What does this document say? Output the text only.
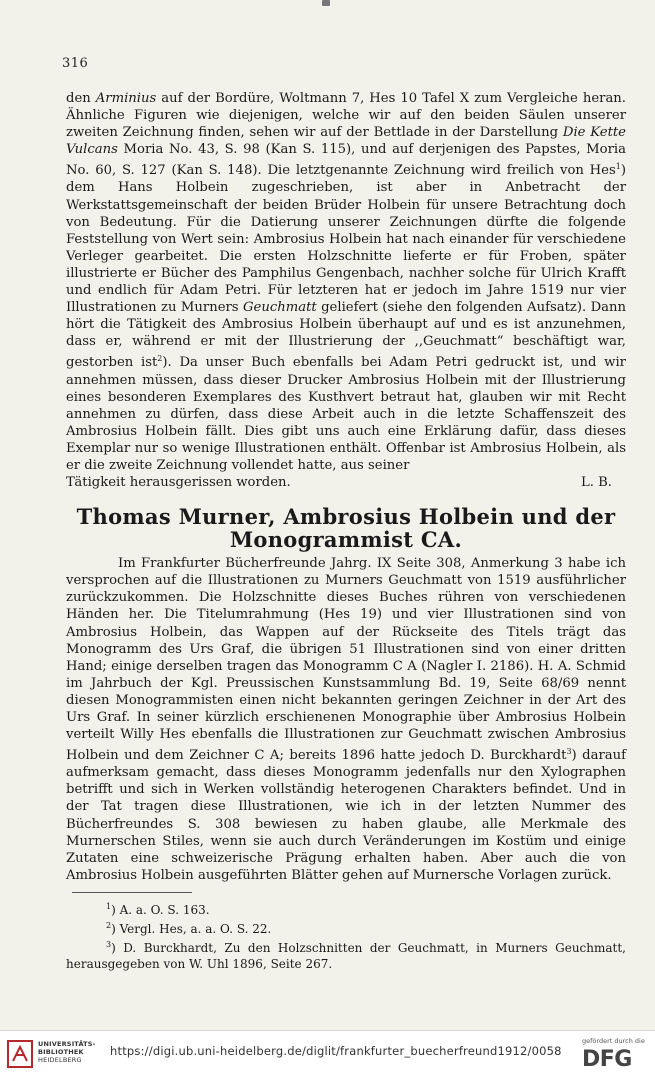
316

den Arminius auf der Bordüre, Woltmann 7, Hes 10 Tafel X zum Vergleiche heran. Ähnliche Figuren wie diejenigen, welche wir auf den beiden Säulen unserer zweiten Zeichnung finden, sehen wir auf der Bettlade in der Darstellung Die Kette Vulcans Moria No. 43, S. 98 (Kan S. 115), und auf derjenigen des Papstes, Moria No. 60, S. 127 (Kan S. 148). Die letztgenannte Zeichnung wird freilich von Hes$^1$) dem Hans Holbein zugeschrieben, ist aber in Anbetracht der Werkstattsgemeinschaft der beiden Brüder Holbein für unsere Betrachtung doch von Bedeutung. Für die Datierung unserer Zeichnungen dürfte die folgende Feststellung von Wert sein: Ambrosius Holbein hat nach einander für verschiedene Verleger gearbeitet. Die ersten Holzschnitte lieferte er für Froben, später illustrierte er Bücher des Pamphilus Gengenbach, nachher solche für Ulrich Krafft und endlich für Adam Petri. Für letzteren hat er jedoch im Jahre 1519 nur vier Illustrationen zu Murners Geuchmatt geliefert (siehe den folgenden Aufsatz). Dann hört die Tätigkeit des Ambrosius Holbein überhaupt auf und es ist anzunehmen, dass er, während er mit der Illustrierung der ,,Geuchmatt“ beschäftigt war, gestorben ist$^2$). Da unser Buch ebenfalls bei Adam Petri gedruckt ist, und wir annehmen müssen, dass dieser Drucker Ambrosius Holbein mit der Illustrierung eines besonderen Exemplares des Kusthvert betraut hat, glauben wir mit Recht annehmen zu dürfen, dass diese Arbeit auch in die letzte Schaffenszeit des Ambrosius Holbein fällt. Dies gibt uns auch eine Erklärung dafür, dass dieses Exemplar nur so wenige Illustrationen enthält. Offenbar ist Ambrosius Holbein, als er die zweite Zeichnung vollendet hatte, aus seiner

Tätigkeit herausgerissen worden.	L. B.
Thomas Murner, Ambrosius Holbein und der
Monogrammist CA.

Im Frankfurter Bücherfreunde Jahrg. IX Seite 308, Anmerkung 3 habe ich versprochen auf die Illustrationen zu Murners Geuchmatt von 1519 ausführlicher zurückzukommen. Die Holzschnitte dieses Buches rühren von verschiedenen Händen her. Die Titelumrahmung (Hes 19) und vier Illustrationen sind von Ambrosius Holbein, das Wappen auf der Rückseite des Titels trägt das Monogramm des Urs Graf, die übrigen 51 Illustrationen sind von einer dritten Hand; einige derselben tragen das Monogramm C A (Nagler I. 2186). H. A. Schmid im Jahrbuch der Kgl. Preussischen Kunstsammlung Bd. 19, Seite 68/69 nennt diesen Monogrammisten einen nicht bekannten geringen Zeichner in der Art des Urs Graf. In seiner kürzlich erschienenen Monographie über Ambrosius Holbein verteilt Willy Hes ebenfalls die Illustrationen zur Geuchmatt zwischen Ambrosius Holbein und dem Zeichner C A; bereits 1896 hatte jedoch D. Burckhardt$^3$) darauf aufmerksam gemacht, dass dieses Monogramm jedenfalls nur den Xylographen betrifft und sich in Werken vollständig heterogenen Charakters befindet. Und in der Tat tragen diese Illustrationen, wie ich in der letzten Nummer des Bücherfreundes S. 308 bewiesen zu haben glaube, alle Merkmale des Murnerschen Stiles, wenn sie auch durch Veränderungen im Kostüm und einige Zutaten eine schweizerische Prägung erhalten haben. Aber auch die von Ambrosius Holbein ausgeführten Blätter gehen auf Murnersche Vorlagen zurück.

$^1$) A. a. O. S. 163.

$^2$) Vergl. Hes, a. a. O. S. 22.

$^3$) D. Burckhardt, Zu den Holzschnitten der Geuchmatt, in Murners Geuchmatt, herausgegeben von W. Uhl 1896, Seite 267.

UNIVERSITÄTS-
BIBLIOTHEK
HEIDELBERG
https://digi.ub.uni-heidelberg.de/diglit/frankfurter_buecherfreund1912/0058
gefördert durch die
DFG
